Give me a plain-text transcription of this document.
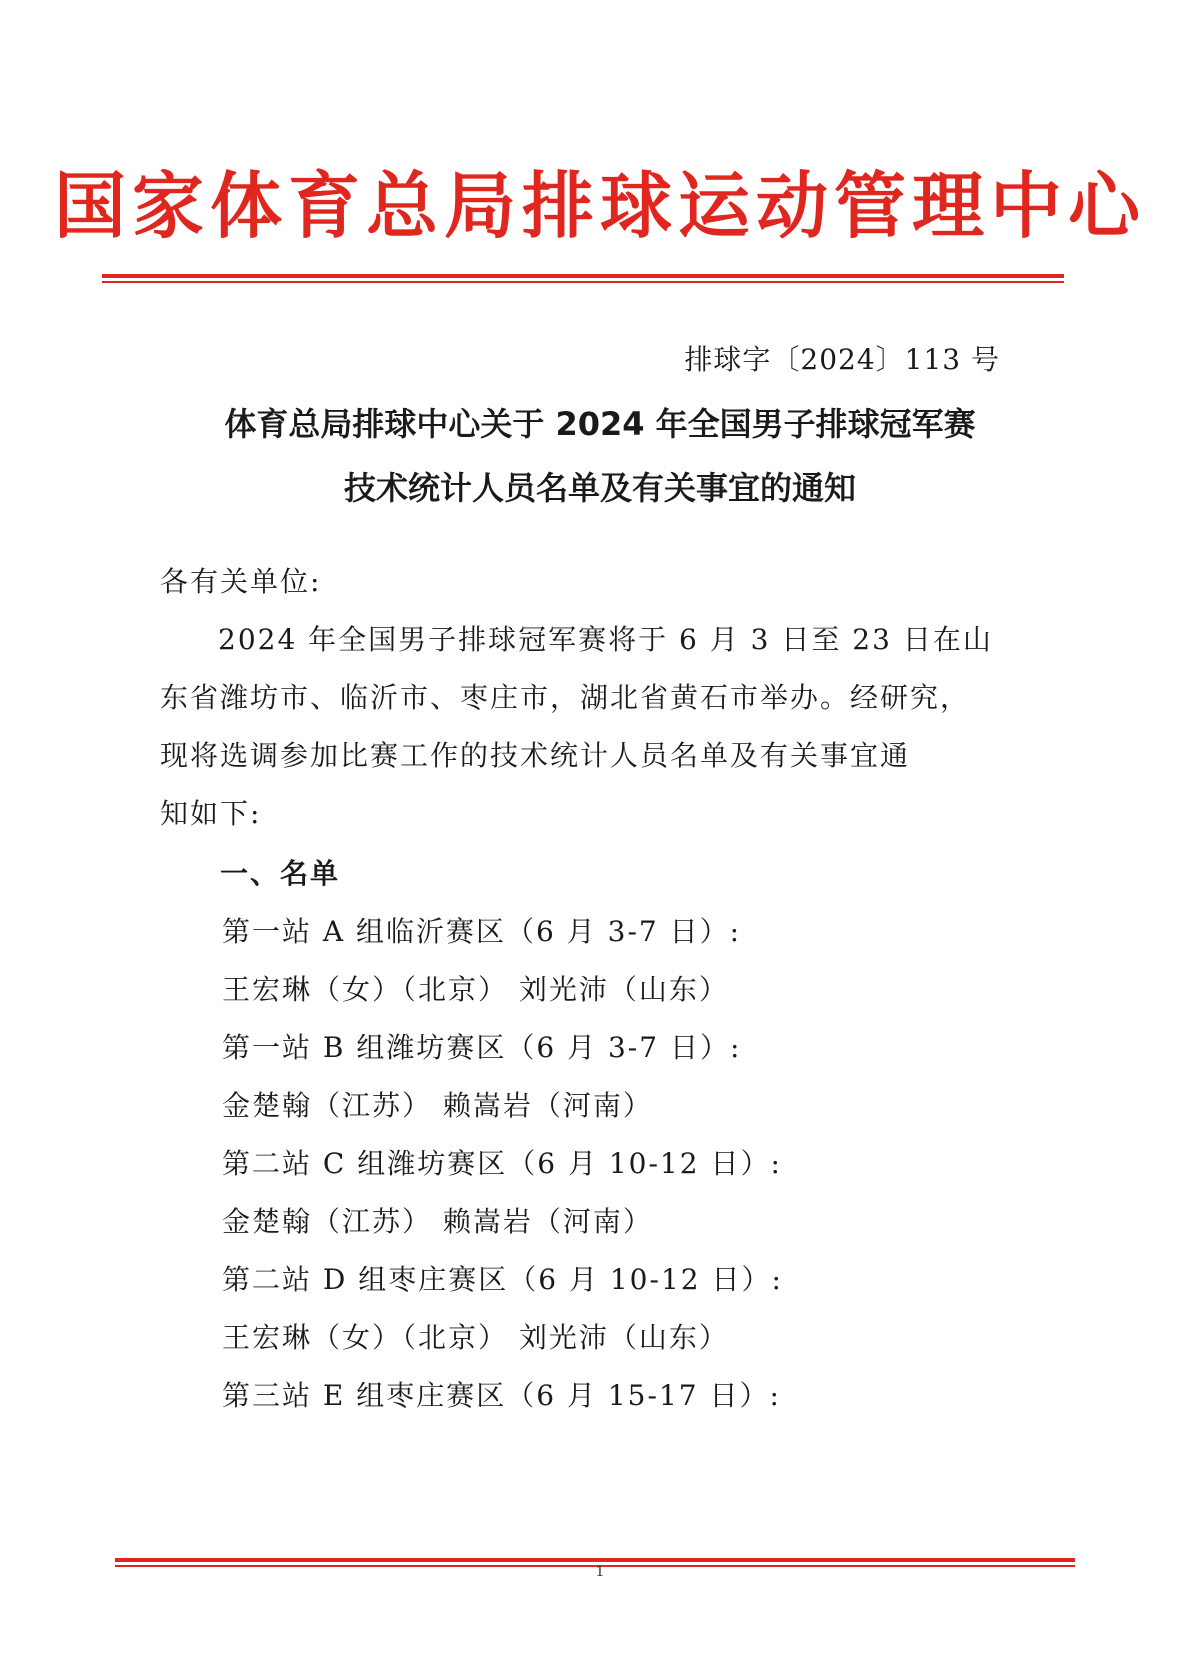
国家体育总局排球运动管理中心
排球字〔2024〕113 号
体育总局排球中心关于 2024 年全国男子排球冠军赛
技术统计人员名单及有关事宜的通知
各有关单位:
2024 年全国男子排球冠军赛将于 6 月 3 日至 23 日在山
东省潍坊市、临沂市、枣庄市，湖北省黄石市举办。经研究，
现将选调参加比赛工作的技术统计人员名单及有关事宜通
知如下:
一、名单
第一站 A 组临沂赛区（6 月 3-7 日）:
王宏琳（女）（北京） 刘光沛（山东）
第一站 B 组潍坊赛区（6 月 3-7 日）:
金楚翰（江苏） 赖嵩岩（河南）
第二站 C 组潍坊赛区（6 月 10-12 日）:
金楚翰（江苏） 赖嵩岩（河南）
第二站 D 组枣庄赛区（6 月 10-12 日）:
王宏琳（女）（北京） 刘光沛（山东）
第三站 E 组枣庄赛区（6 月 15-17 日）:
1
